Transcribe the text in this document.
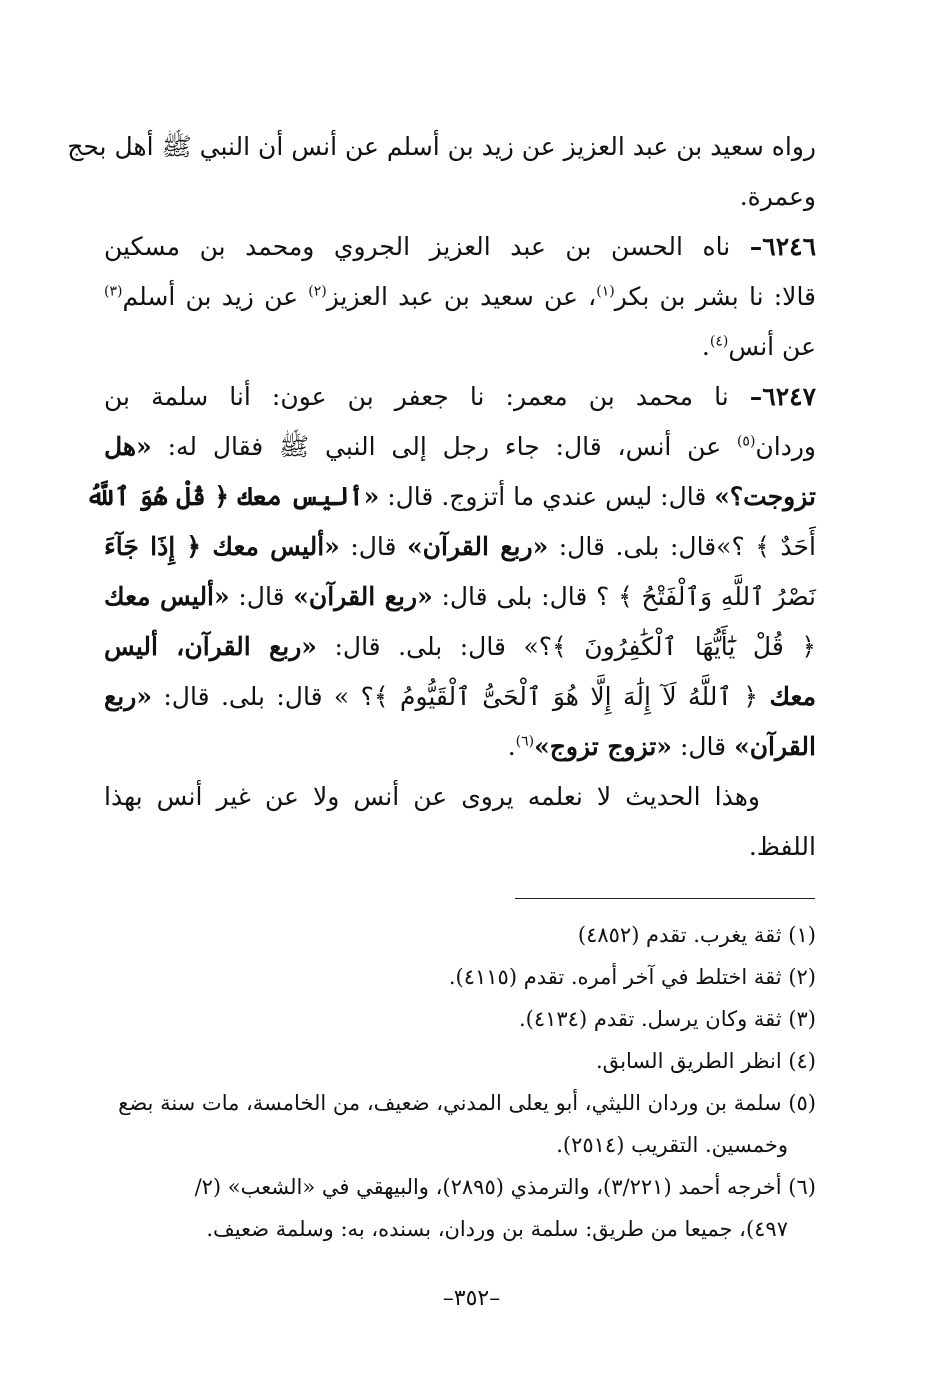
رواه سعيد بن عبد العزيز عن زيد بن أسلم عن أنس أن النبي ﷺ أهل بحج
وعمرة.
٦٢٤٦– ناه الحسن بن عبد العزيز الجروي ومحمد بن مسكين
قالا: نا بشر بن بكر$^{(١)}$، عن سعيد بن عبد العزيز$^{(٢)}$ عن زيد بن أسلم$^{(٣)}$
عن أنس$^{(٤)}$.
٦٢٤٧– نا محمد بن معمر: نا جعفر بن عون: أنا سلمة بن
وردان$^{(٥)}$ عن أنس، قال: جاء رجل إلى النبي ﷺ فقال له: «هل
تزوجت؟» قال: ليس عندي ما أتزوج. قال: «أليس معك ﴿ قُلْ هُوَ ٱللَّهُ
أَحَدٌ ﴾ ؟»قال: بلى. قال: «ربع القرآن» قال: «أليس معك ﴿ إِذَا جَآءَ
نَصْرُ ٱللَّهِ وَٱلْفَتْحُ ﴾ ؟ قال: بلى قال: «ربع القرآن» قال: «أليس معك
﴿ قُلْ يَٰٓأَيُّهَا ٱلْكَٰفِرُونَ ﴾؟» قال: بلى. قال: «ربع القرآن، أليس
معك ﴿ ٱللَّهُ لَآ إِلَٰهَ إِلَّا هُوَ ٱلْحَىُّ ٱلْقَيُّومُ ﴾؟ » قال: بلى. قال: «ربع
القرآن» قال: «تزوج تزوج»$^{(٦)}$.
وهذا الحديث لا نعلمه يروى عن أنس ولا عن غير أنس بهذا
اللفظ.
(١) ثقة يغرب. تقدم (٤٨٥٢)
(٢) ثقة اختلط في آخر أمره. تقدم (٤١١٥).
(٣) ثقة وكان يرسل. تقدم (٤١٣٤).
(٤) انظر الطريق السابق.
(٥) سلمة بن وردان الليثي، أبو يعلى المدني، ضعيف، من الخامسة، مات سنة بضع
وخمسين. التقريب (٢٥١٤).
(٦) أخرجه أحمد (٣/٢٢١)، والترمذي (٢٨٩٥)، والبيهقي في «الشعب» (٢/
٤٩٧)، جميعا من طريق: سلمة بن وردان، بسنده، به: وسلمة ضعيف.
–٣٥٢–
